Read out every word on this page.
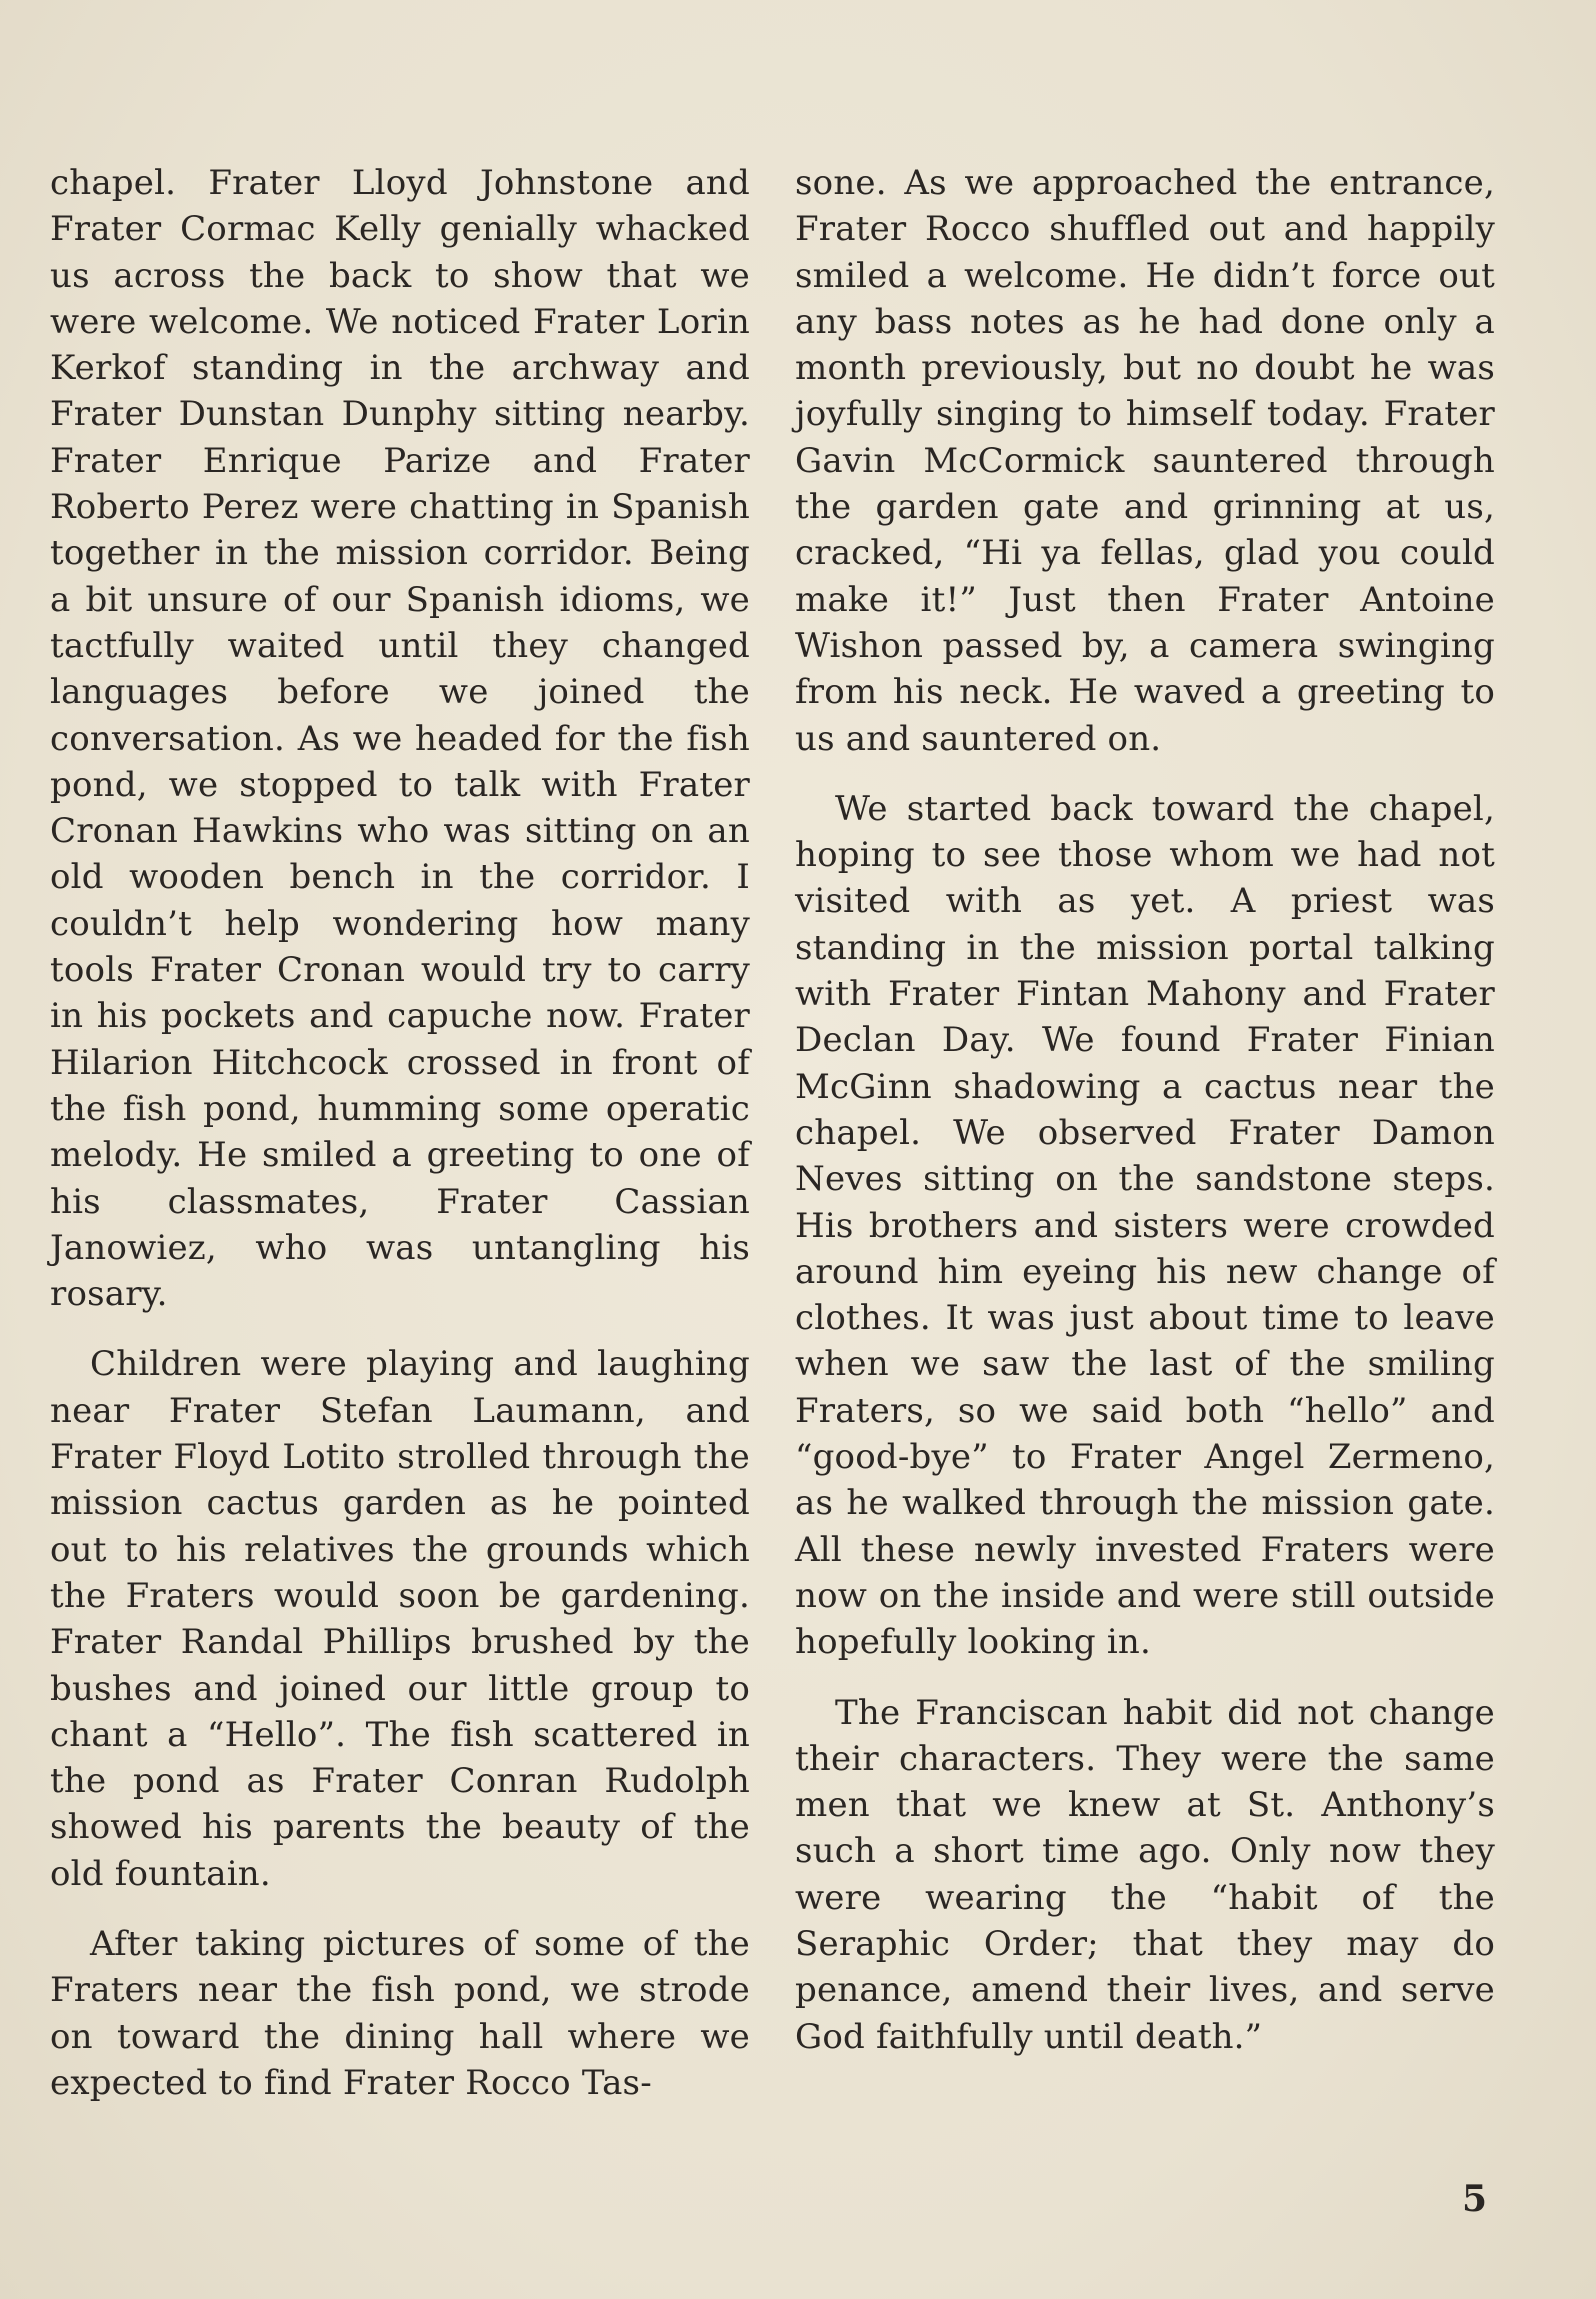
chapel. Frater Lloyd Johnstone and Frater Cormac Kelly genially whacked us across the back to show that we were welcome. We noticed Frater Lorin Kerkof standing in the archway and Frater Dunstan Dunphy sitting nearby. Frater Enrique Parize and Frater Roberto Perez were chatting in Spanish together in the mission corridor. Being a bit unsure of our Spanish idioms, we tactfully waited until they changed languages before we joined the conversation. As we headed for the fish pond, we stopped to talk with Frater Cronan Hawkins who was sitting on an old wooden bench in the corridor. I couldn’t help wondering how many tools Frater Cronan would try to carry in his pockets and capuche now. Frater Hilarion Hitchcock crossed in front of the fish pond, humming some operatic melody. He smiled a greeting to one of his classmates, Frater Cassian Janowiez, who was untangling his rosary.

Children were playing and laughing near Frater Stefan Laumann, and Frater Floyd Lotito strolled through the mission cactus garden as he pointed out to his relatives the grounds which the Fraters would soon be gardening. Frater Randal Phillips brushed by the bushes and joined our little group to chant a “Hello”. The fish scattered in the pond as Frater Conran Rudolph showed his parents the beauty of the old fountain.

After taking pictures of some of the Fraters near the fish pond, we strode on toward the dining hall where we expected to find Frater Rocco Tas-

sone. As we approached the entrance, Frater Rocco shuffled out and happily smiled a welcome. He didn’t force out any bass notes as he had done only a month previously, but no doubt he was joyfully singing to himself today. Frater Gavin McCormick sauntered through the garden gate and grinning at us, cracked, “Hi ya fellas, glad you could make it!” Just then Frater Antoine Wishon passed by, a camera swinging from his neck. He waved a greeting to us and sauntered on.

We started back toward the chapel, hoping to see those whom we had not visited with as yet. A priest was standing in the mission portal talking with Frater Fintan Mahony and Frater Declan Day. We found Frater Finian McGinn shadowing a cactus near the chapel. We observed Frater Damon Neves sitting on the sandstone steps. His brothers and sisters were crowded around him eyeing his new change of clothes. It was just about time to leave when we saw the last of the smiling Fraters, so we said both “hello” and “good-bye” to Frater Angel Zermeno, as he walked through the mission gate. All these newly invested Fraters were now on the inside and were still outside hopefully looking in.

The Franciscan habit did not change their characters. They were the same men that we knew at St. Anthony’s such a short time ago. Only now they were wearing the “habit of the Seraphic Order; that they may do penance, amend their lives, and serve God faithfully until death.”

5
